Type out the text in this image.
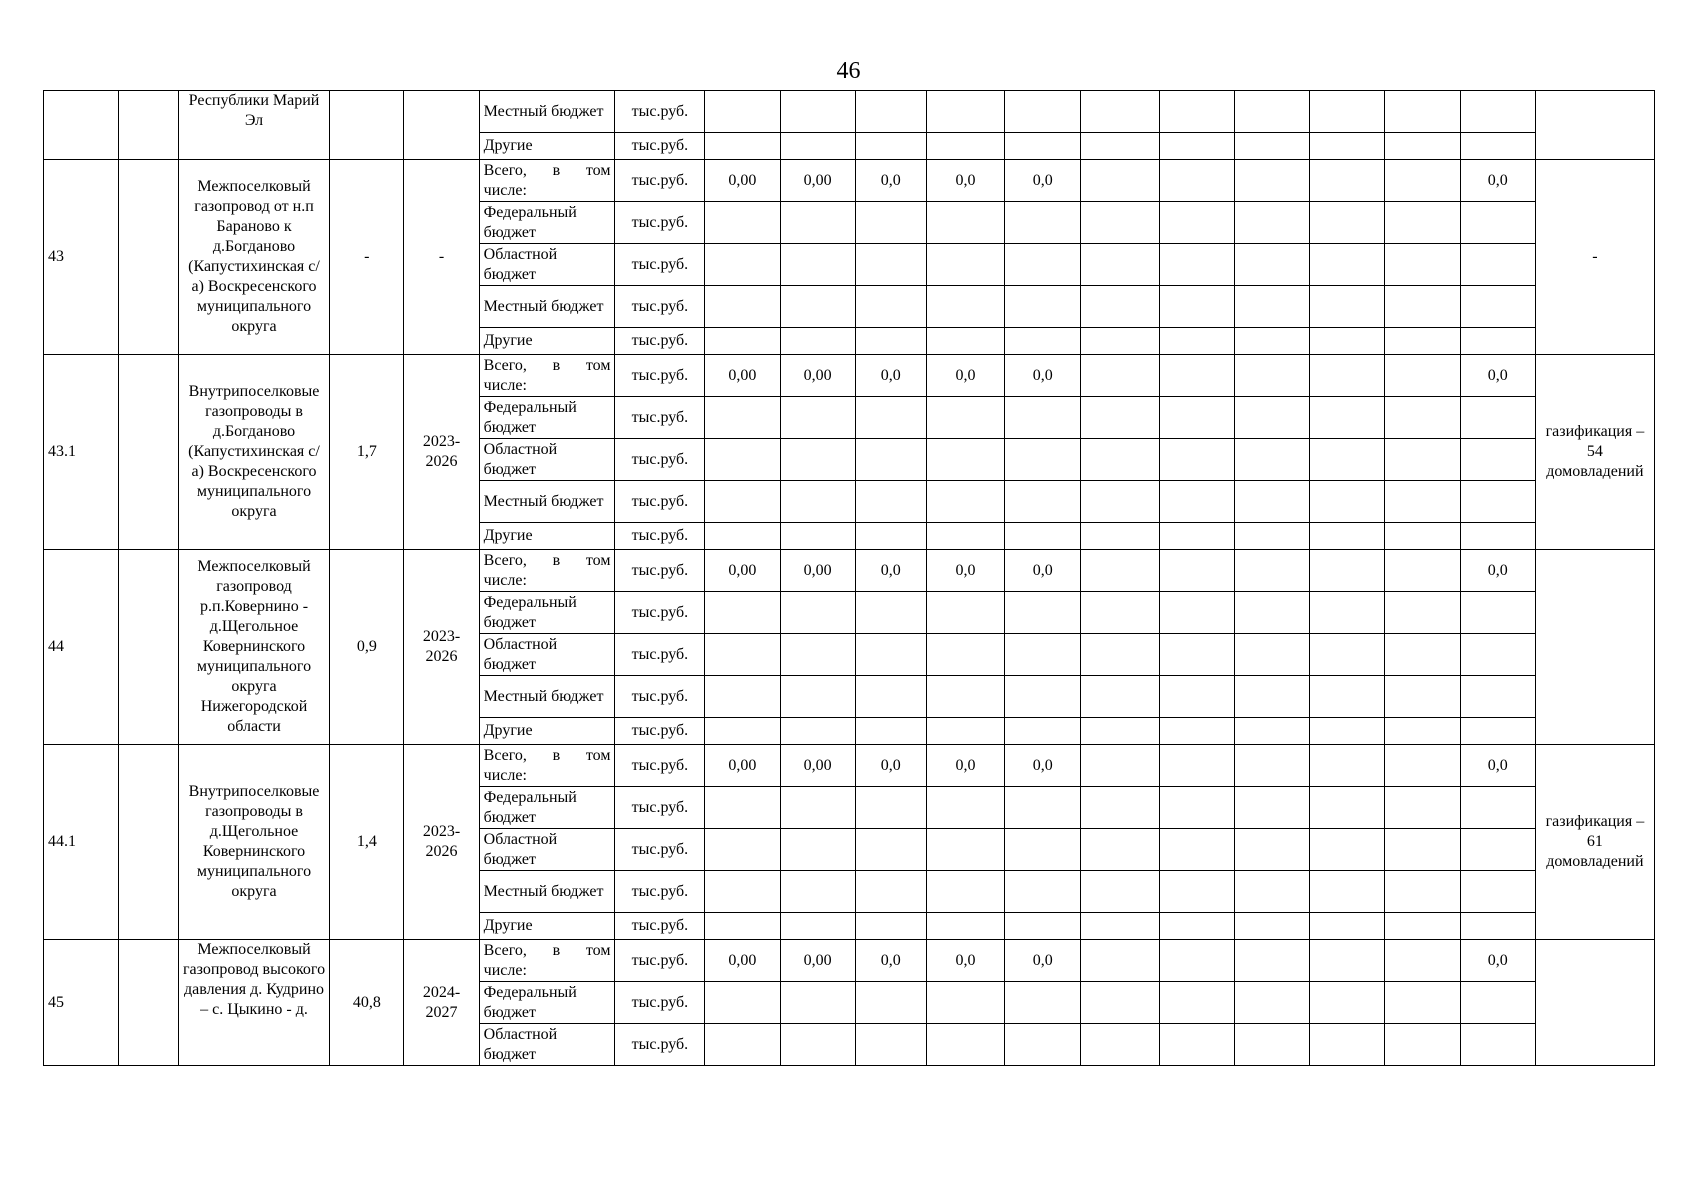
46
		Республики Марий Эл			Местный бюджет	тыс.руб.												
					Другие	тыс.руб.												
43		Межпоселковый газопровод от н.п Бараново к д.Богданово (Капустихинская с/а) Воскресенского муниципального округа	-	-	Всего, в том числе:	тыс.руб.	0,00	0,00	0,0	0,0	0,0						0,0	-
					Федеральный бюджет	тыс.руб.												
					Областной бюджет	тыс.руб.												
					Местный бюджет	тыс.руб.												
					Другие	тыс.руб.												
43.1		Внутрипоселковые газопроводы в д.Богданово (Капустихинская с/а) Воскресенского муниципального округа	1,7	2023-2026	Всего, в том числе:	тыс.руб.	0,00	0,00	0,0	0,0	0,0						0,0	газификация – 54 домовладений
					Федеральный бюджет	тыс.руб.												
					Областной бюджет	тыс.руб.												
					Местный бюджет	тыс.руб.												
					Другие	тыс.руб.												
44		Межпоселковый газопровод р.п.Ковернино - д.Щегольное Ковернинского муниципального округа Нижегородской области	0,9	2023-2026	Всего, в том числе:	тыс.руб.	0,00	0,00	0,0	0,0	0,0						0,0	
					Федеральный бюджет	тыс.руб.												
					Областной бюджет	тыс.руб.												
					Местный бюджет	тыс.руб.												
					Другие	тыс.руб.												
44.1		Внутрипоселковые газопроводы в д.Щегольное Ковернинского муниципального округа	1,4	2023-2026	Всего, в том числе:	тыс.руб.	0,00	0,00	0,0	0,0	0,0						0,0	газификация – 61 домовладений
					Федеральный бюджет	тыс.руб.												
					Областной бюджет	тыс.руб.												
					Местный бюджет	тыс.руб.												
					Другие	тыс.руб.												
45		Межпоселковый газопровод высокого давления д. Кудрино – с. Цыкино - д.	40,8	2024-2027	Всего, в том числе:	тыс.руб.	0,00	0,00	0,0	0,0	0,0						0,0	
					Федеральный бюджет	тыс.руб.												
					Областной бюджет	тыс.руб.												
